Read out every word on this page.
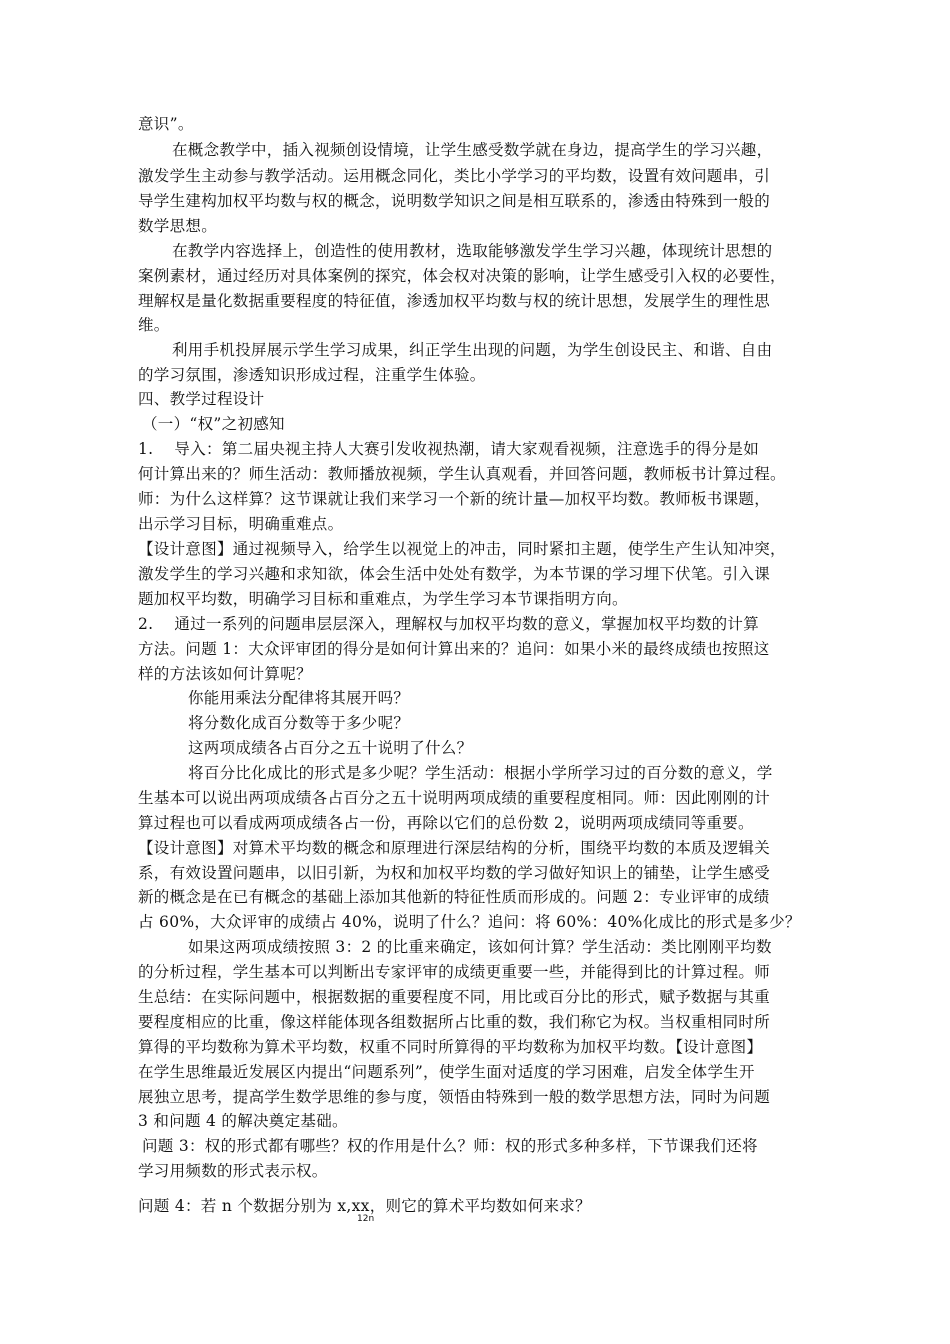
意识”。
在概念教学中，插入视频创设情境，让学生感受数学就在身边，提高学生的学习兴趣，
激发学生主动参与教学活动。运用概念同化，类比小学学习的平均数，设置有效问题串，引
导学生建构加权平均数与权的概念，说明数学知识之间是相互联系的，渗透由特殊到一般的
数学思想。
在教学内容选择上，创造性的使用教材，选取能够激发学生学习兴趣，体现统计思想的
案例素材，通过经历对具体案例的探究，体会权对决策的影响，让学生感受引入权的必要性，
理解权是量化数据重要程度的特征值，渗透加权平均数与权的统计思想，发展学生的理性思
维。
利用手机投屏展示学生学习成果，纠正学生出现的问题，为学生创设民主、和谐、自由
的学习氛围，渗透知识形成过程，注重学生体验。
四、教学过程设计
（一）“权”之初感知
1.　 导入：第二届央视主持人大赛引发收视热潮，请大家观看视频，注意选手的得分是如
何计算出来的？师生活动：教师播放视频，学生认真观看，并回答问题，教师板书计算过程。
师：为什么这样算？这节课就让我们来学习一个新的统计量—加权平均数。教师板书课题，
出示学习目标，明确重难点。
【设计意图】通过视频导入，给学生以视觉上的冲击，同时紧扣主题，使学生产生认知冲突，
激发学生的学习兴趣和求知欲，体会生活中处处有数学，为本节课的学习埋下伏笔。引入课
题加权平均数，明确学习目标和重难点，为学生学习本节课指明方向。
2.　 通过一系列的问题串层层深入，理解权与加权平均数的意义，掌握加权平均数的计算
方法。问题 1：大众评审团的得分是如何计算出来的？追问：如果小米的最终成绩也按照这
样的方法该如何计算呢？
你能用乘法分配律将其展开吗？
将分数化成百分数等于多少呢？
这两项成绩各占百分之五十说明了什么？
将百分比化成比的形式是多少呢？学生活动：根据小学所学习过的百分数的意义，学
生基本可以说出两项成绩各占百分之五十说明两项成绩的重要程度相同。师：因此刚刚的计
算过程也可以看成两项成绩各占一份，再除以它们的总份数 2，说明两项成绩同等重要。
【设计意图】对算术平均数的概念和原理进行深层结构的分析，围绕平均数的本质及逻辑关
系，有效设置问题串，以旧引新，为权和加权平均数的学习做好知识上的铺垫，让学生感受
新的概念是在已有概念的基础上添加其他新的特征性质而形成的。问题 2：专业评审的成绩
占 60%，大众评审的成绩占 40%，说明了什么？追问：将 60%：40%化成比的形式是多少？
如果这两项成绩按照 3：2 的比重来确定，该如何计算？学生活动：类比刚刚平均数
的分析过程，学生基本可以判断出专家评审的成绩更重要一些，并能得到比的计算过程。师
生总结：在实际问题中，根据数据的重要程度不同，用比或百分比的形式，赋予数据与其重
要程度相应的比重，像这样能体现各组数据所占比重的数，我们称它为权。当权重相同时所
算得的平均数称为算术平均数，权重不同时所算得的平均数称为加权平均数。【设计意图】
在学生思维最近发展区内提出“问题系列”，使学生面对适度的学习困难，启发全体学生开
展独立思考，提高学生数学思维的参与度，领悟由特殊到一般的数学思想方法，同时为问题
3 和问题 4 的解决奠定基础。
问题 3：权的形式都有哪些？权的作用是什么？师：权的形式多种多样，下节课我们还将
学习用频数的形式表示权。
问题 4：若 n 个数据分别为 x,xx，则它的算术平均数如何来求？
12n
